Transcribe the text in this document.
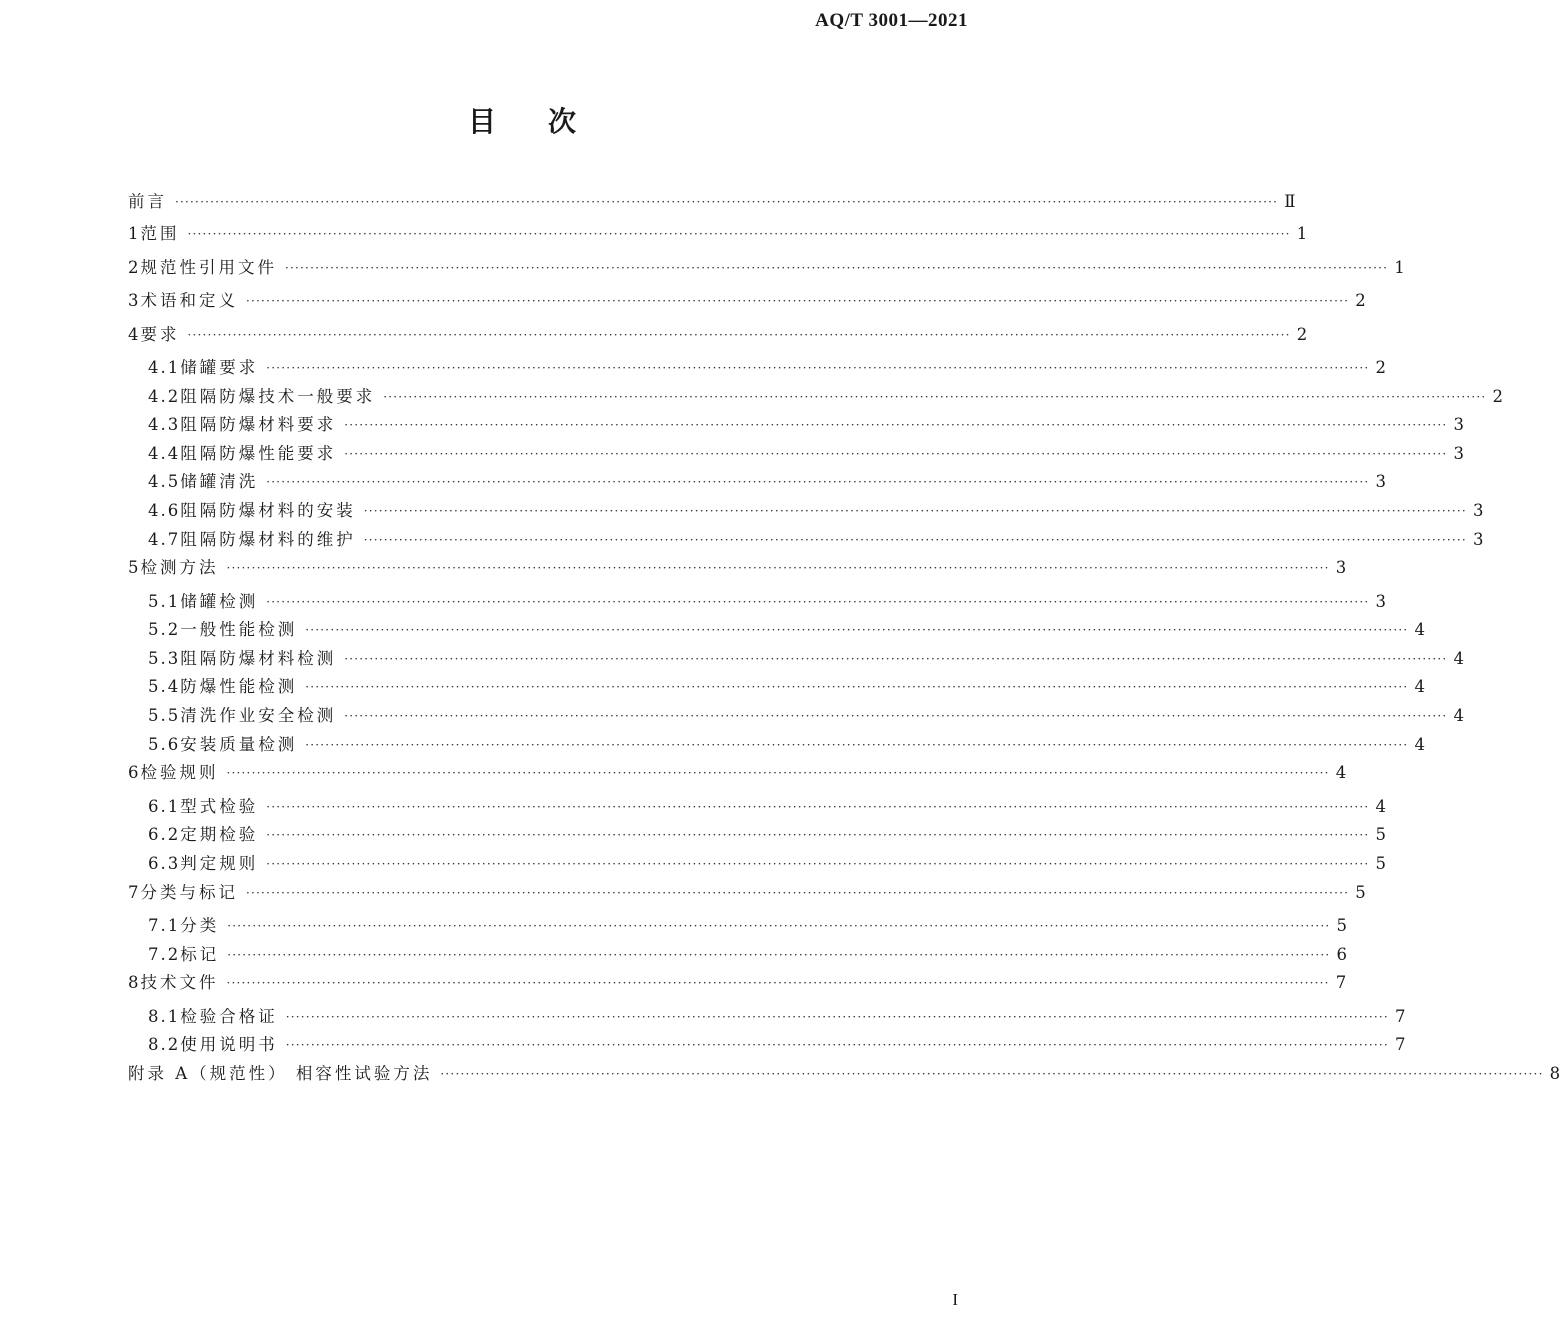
AQ/T 3001—2021
目次
前言 ···························································································································································································································· Ⅱ
1 范围 ···························································································································································································································· 1
2 规范性引用文件 ···························································································································································································································· 1
3 术语和定义 ···························································································································································································································· 2
4 要求 ···························································································································································································································· 2
4.1 储罐要求 ···························································································································································································································· 2
4.2 阻隔防爆技术一般要求 ···························································································································································································································· 2
4.3 阻隔防爆材料要求 ···························································································································································································································· 3
4.4 阻隔防爆性能要求 ···························································································································································································································· 3
4.5 储罐清洗 ···························································································································································································································· 3
4.6 阻隔防爆材料的安装 ···························································································································································································································· 3
4.7 阻隔防爆材料的维护 ···························································································································································································································· 3
5 检测方法 ···························································································································································································································· 3
5.1 储罐检测 ···························································································································································································································· 3
5.2 一般性能检测 ···························································································································································································································· 4
5.3 阻隔防爆材料检测 ···························································································································································································································· 4
5.4 防爆性能检测 ···························································································································································································································· 4
5.5 清洗作业安全检测 ···························································································································································································································· 4
5.6 安装质量检测 ···························································································································································································································· 4
6 检验规则 ···························································································································································································································· 4
6.1 型式检验 ···························································································································································································································· 4
6.2 定期检验 ···························································································································································································································· 5
6.3 判定规则 ···························································································································································································································· 5
7 分类与标记 ···························································································································································································································· 5
7.1 分类 ···························································································································································································································· 5
7.2 标记 ···························································································································································································································· 6
8 技术文件 ···························································································································································································································· 7
8.1 检验合格证 ···························································································································································································································· 7
8.2 使用说明书 ···························································································································································································································· 7
附录 A（规范性） 相容性试验方法 ···························································································································································································································· 8
I
